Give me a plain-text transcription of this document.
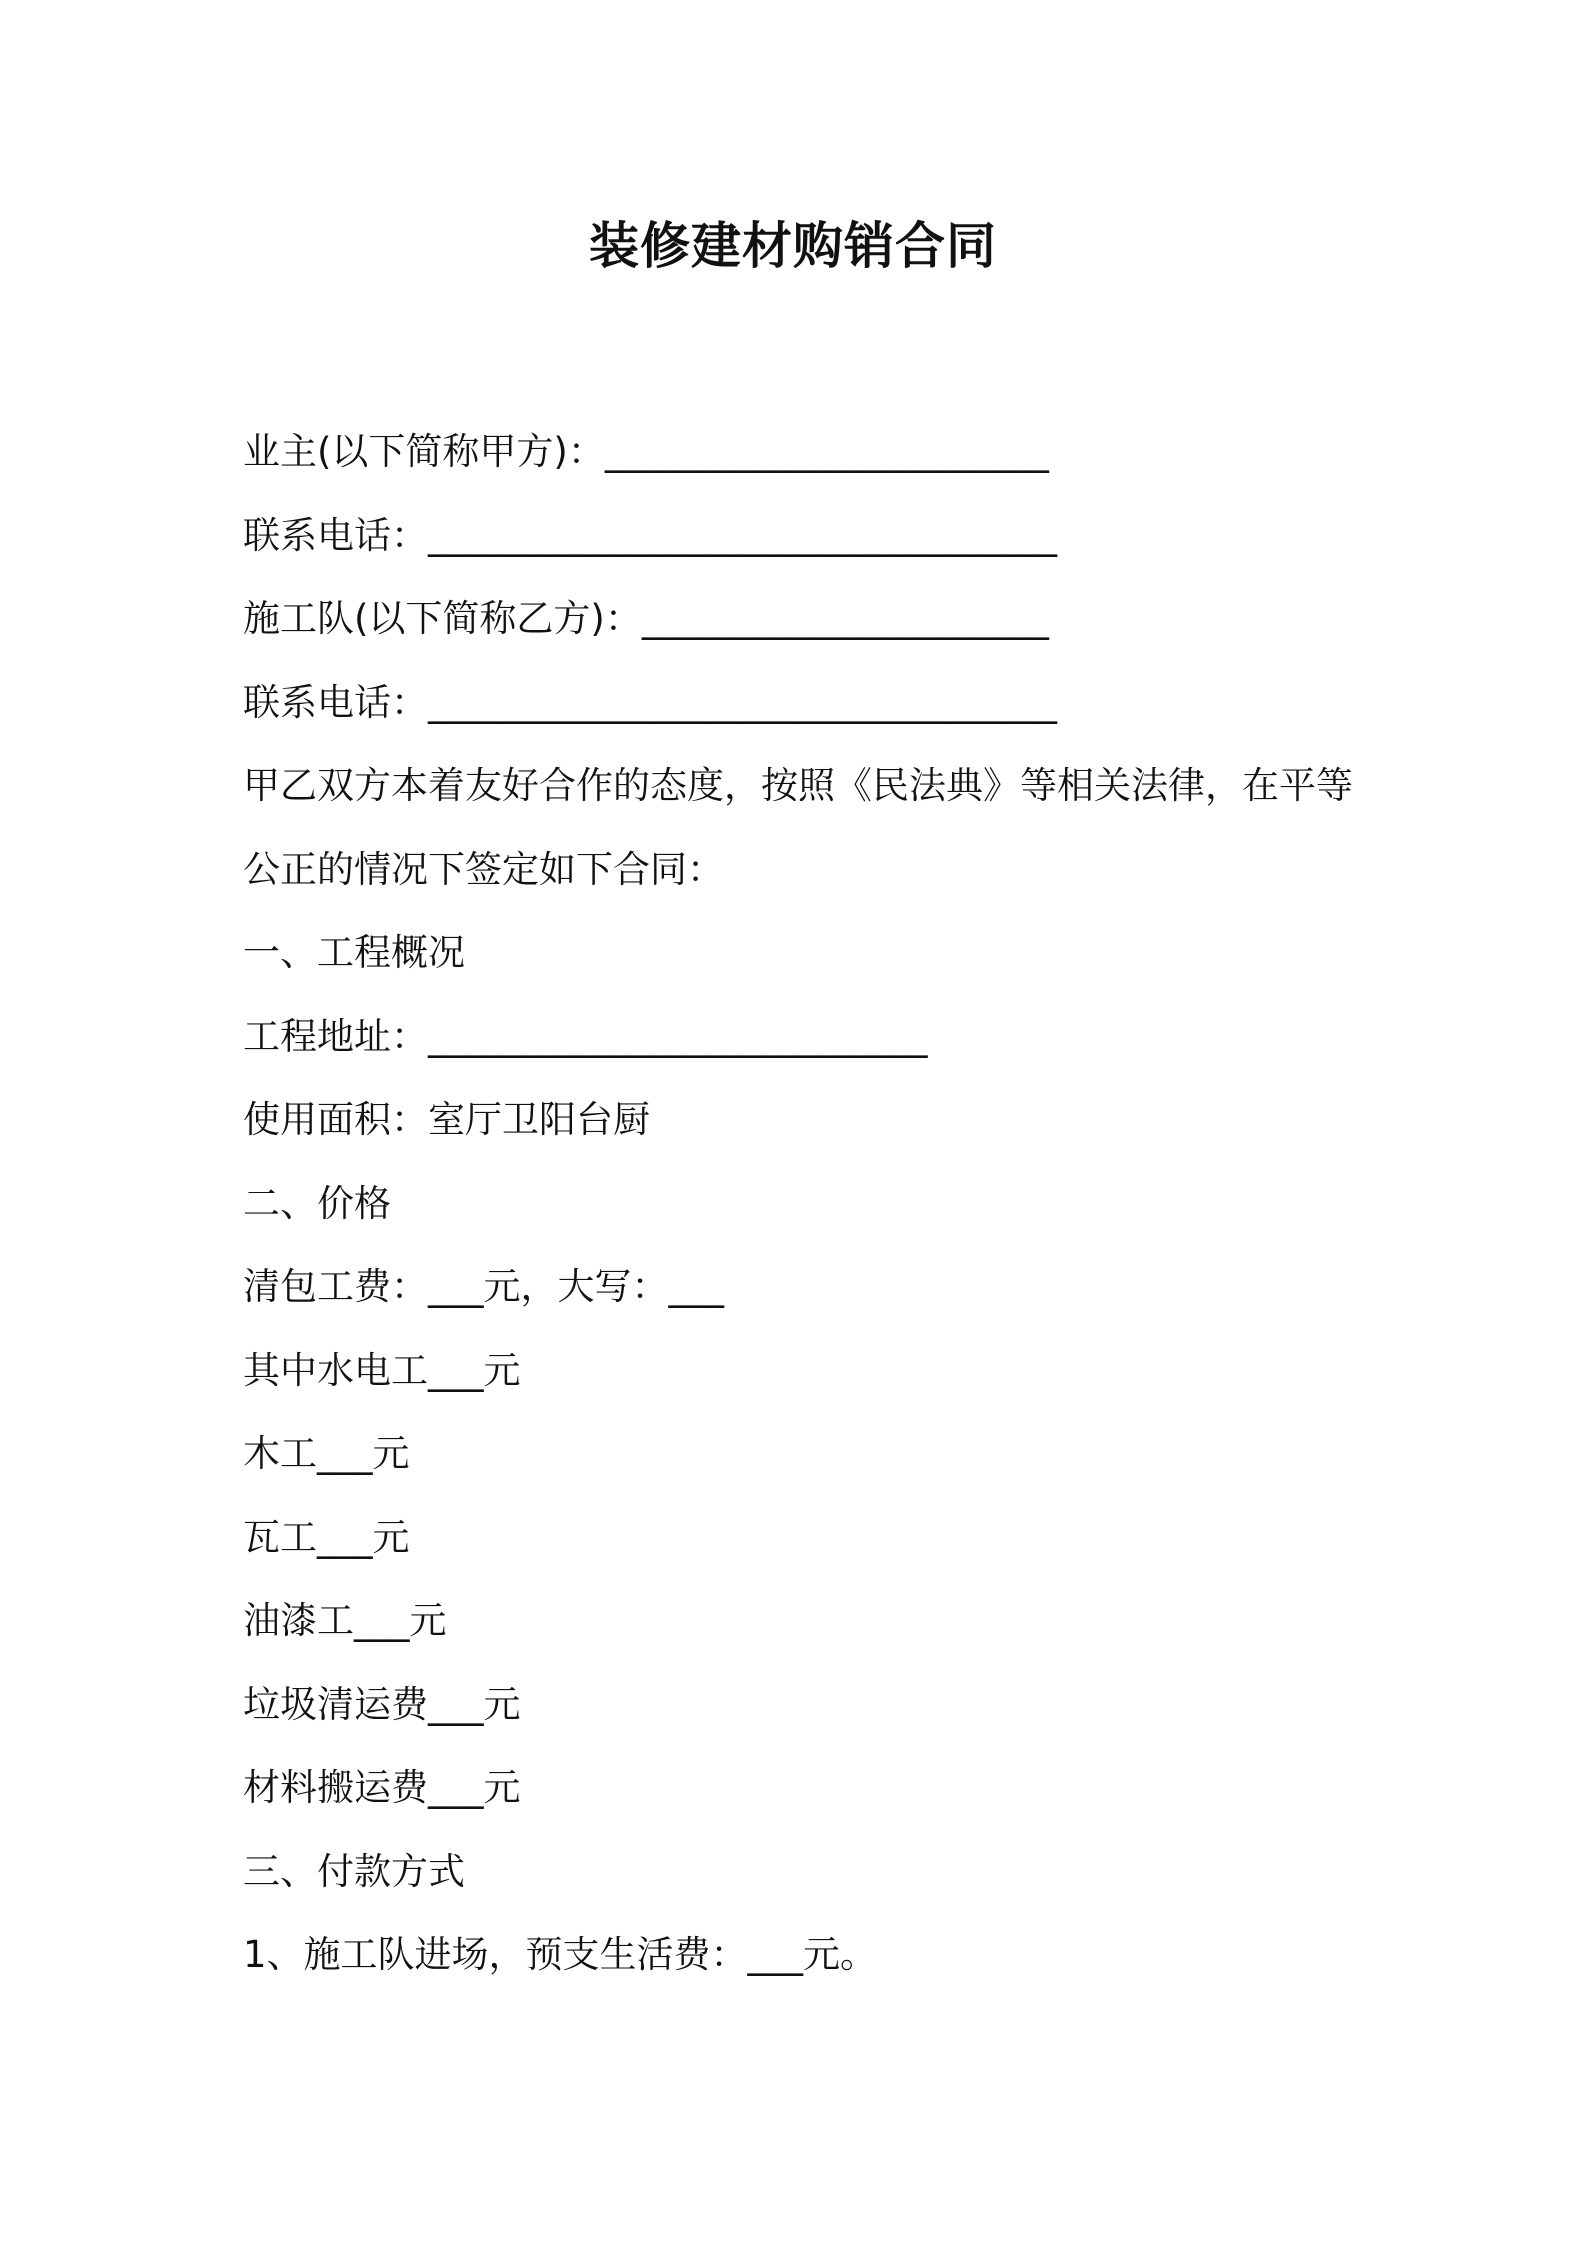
装修建材购销合同
业主(以下简称甲方)：________________________
联系电话：__________________________________
施工队(以下简称乙方)：______________________
联系电话：__________________________________
甲乙双方本着友好合作的态度，按照《民法典》等相关法律，在平等
公正的情况下签定如下合同：
一、工程概况
工程地址：___________________________
使用面积：室厅卫阳台厨
二、价格
清包工费：___元，大写：___
其中水电工___元
木工___元
瓦工___元
油漆工___元
垃圾清运费___元
材料搬运费___元
三、付款方式
1、施工队进场，预支生活费：___元。
